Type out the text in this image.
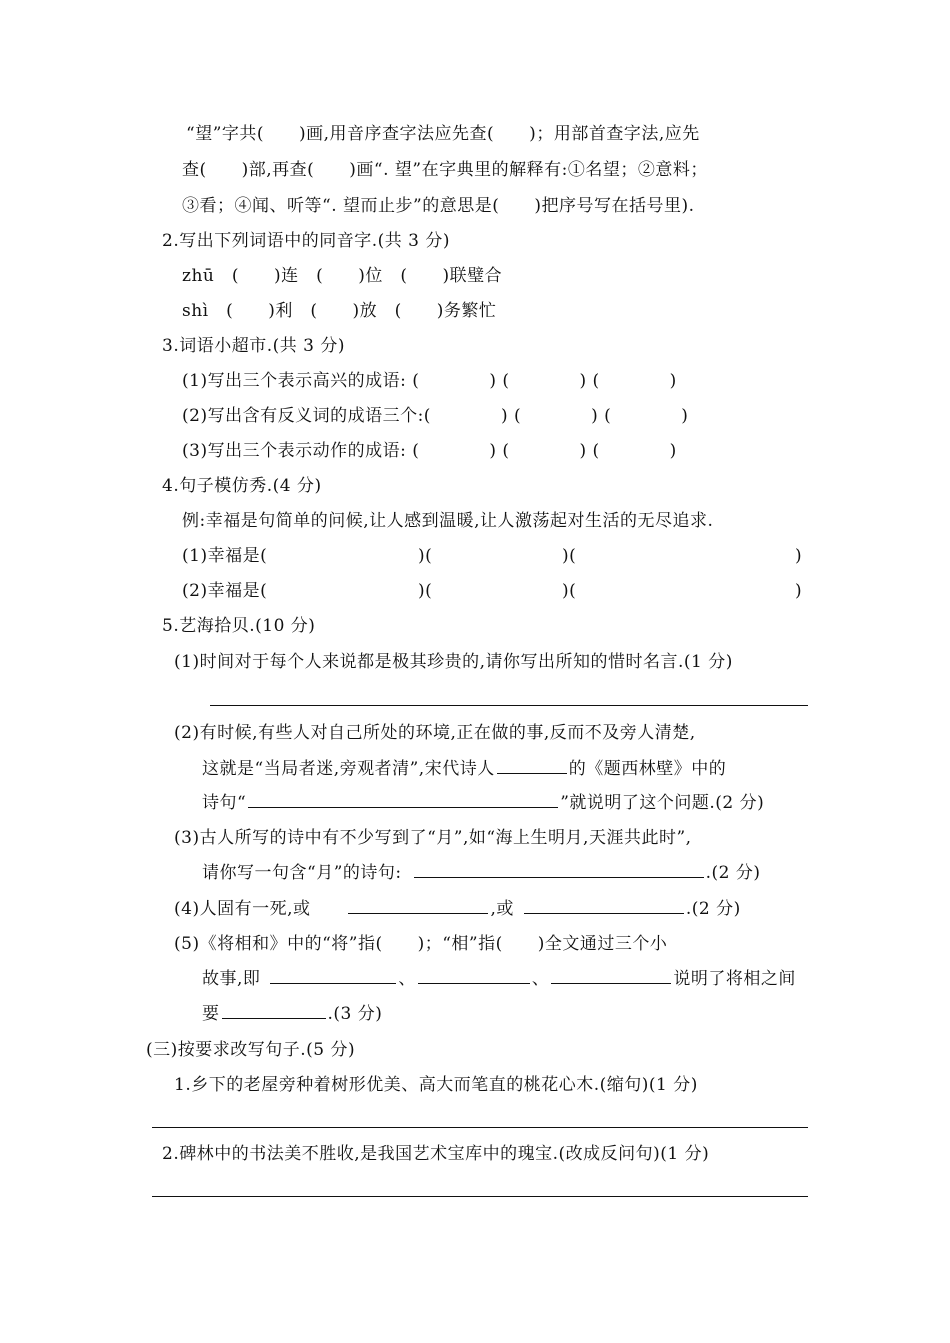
“望”字共(　　)画,用音序查字法应先查(　　)；用部首查字法,应先
查(　　)部,再查(　　)画“. 望”在字典里的解释有:①名望；②意料；
③看；④闻、听等“. 望而止步”的意思是(　　)把序号写在括号里).
2.写出下列词语中的同音字.(共 3 分)
zhū　(　　)连　(　　)位　(　　)联璧合
shì　(　　)利　(　　)放　(　　)务繁忙
3.词语小超市.(共 3 分)
(1)写出三个表示高兴的成语: (　　　　) (　　　　) (　　　　)
(2)写出含有反义词的成语三个:(　　　　) (　　　　) (　　　　)
(3)写出三个表示动作的成语: (　　　　) (　　　　) (　　　　)
4.句子模仿秀.(4 分)
例:幸福是句简单的问候,让人感到温暖,让人激荡起对生活的无尽追求.
(1)幸福是(	)(	)(	)
(2)幸福是(	)(	)(	)
5.艺海拾贝.(10 分)
(1)时间对于每个人来说都是极其珍贵的,请你写出所知的惜时名言.(1 分)
(2)有时候,有些人对自己所处的环境,正在做的事,反而不及旁人清楚,
这就是“当局者迷,旁观者清”,宋代诗人	的《题西林壁》中的
诗句“	”就说明了这个问题.(2 分)
(3)古人所写的诗中有不少写到了“月”,如“海上生明月,天涯共此时”,
请你写一句含“月”的诗句:	.(2 分)
(4)人固有一死,或	,或	.(2 分)
(5)《将相和》中的“将”指(　　)；“相”指(　　)全文通过三个小
故事,即	、	、	说明了将相之间
要	.(3 分)
(三)按要求改写句子.(5 分)
1.乡下的老屋旁种着树形优美、高大而笔直的桃花心木.(缩句)(1 分)
2.碑林中的书法美不胜收,是我国艺术宝库中的瑰宝.(改成反问句)(1 分)
